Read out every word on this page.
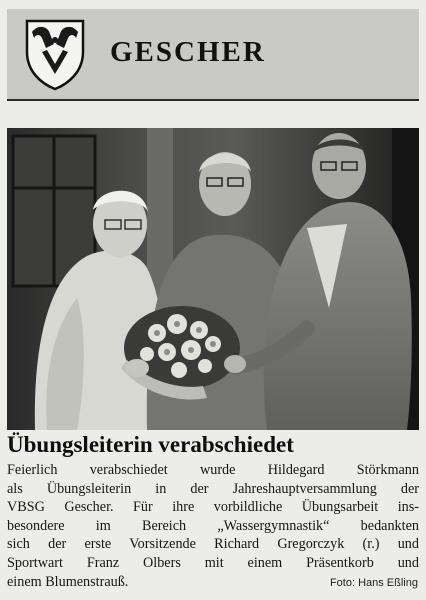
GESCHER
Übungsleiterin verabschiedet
Feierlich verabschiedet wurde Hildegard Störkmann
als Übungsleiterin in der Jahreshauptversammlung der
VBSG Gescher. Für ihre vorbildliche Übungsarbeit ins-
besondere im Bereich „Wassergymnastik“ bedankten
sich der erste Vorsitzende Richard Gregorczyk (r.) und
Sportwart Franz Olbers mit einem Präsentkorb und
einem Blumenstrauß.	Foto: Hans Eßling
